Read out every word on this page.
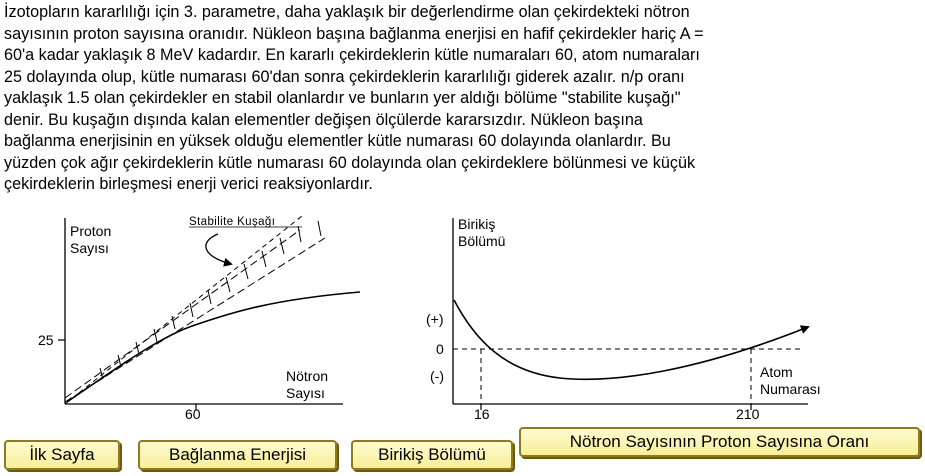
İzotopların kararlılığı için 3. parametre, daha yaklaşık bir değerlendirme olan çekirdekteki nötron
sayısının proton sayısına oranıdır. Nükleon başına bağlanma enerjisi en hafif çekirdekler hariç A =
60'a kadar yaklaşık 8 MeV kadardır. En kararlı çekirdeklerin kütle numaraları 60, atom numaraları
25 dolayında olup, kütle numarası 60'dan sonra çekirdeklerin kararlılığı giderek azalır. n/p oranı
yaklaşık 1.5 olan çekirdekler en stabil olanlardır ve bunların yer aldığı bölüme "stabilite kuşağı"
denir. Bu kuşağın dışında kalan elementler değişen ölçülerde kararsızdır. Nükleon başına
bağlanma enerjisinin en yüksek olduğu elementler kütle numarası 60 dolayında olanlardır. Bu
yüzden çok ağır çekirdeklerin kütle numarası 60 dolayında olan çekirdeklere bölünmesi ve küçük
çekirdeklerin birleşmesi enerji verici reaksiyonlardır.
Proton
Sayısı
Stabilite Kuşağı
25
60
Nötron
Sayısı
Birikiş
Bölümü
(+)
0
(-)
16	210
Atom
Numarası
İlk Sayfa	Bağlanma Enerjisi	Birikiş Bölümü
Nötron Sayısının Proton Sayısına Oranı
